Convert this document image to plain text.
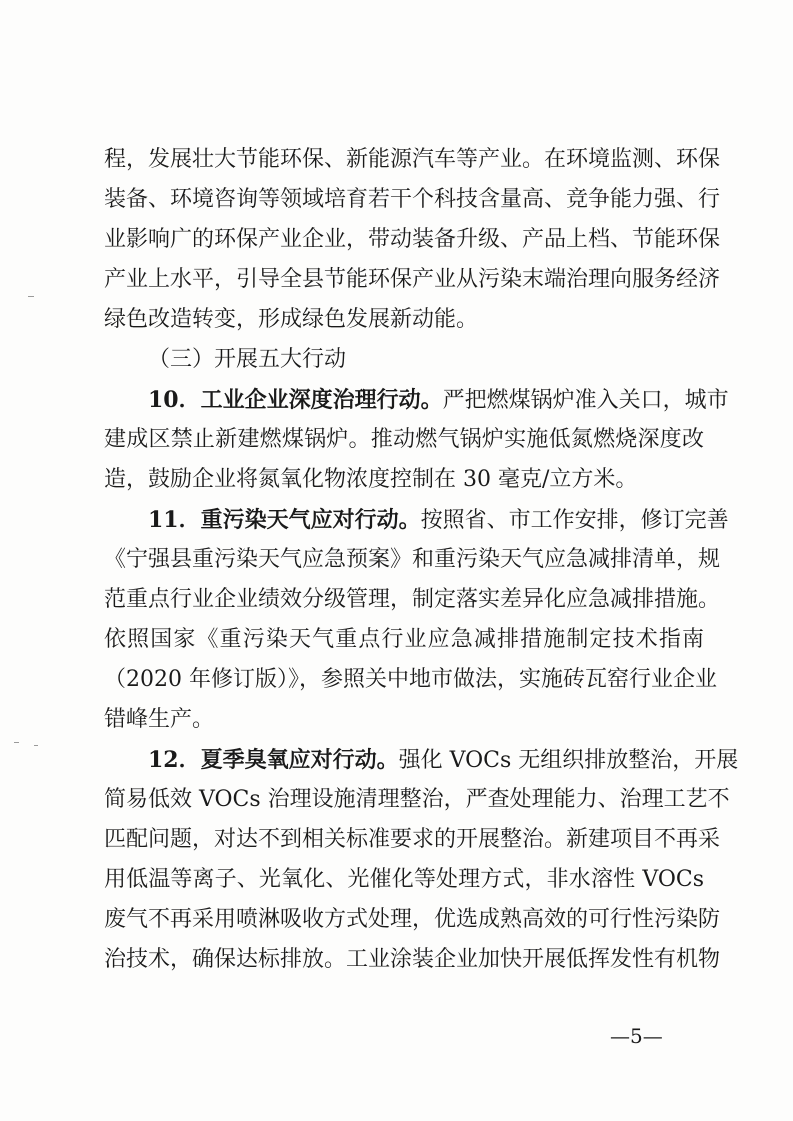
程，发展壮大节能环保、新能源汽车等产业。在环境监测、环保
装备、环境咨询等领域培育若干个科技含量高、竞争能力强、行
业影响广的环保产业企业，带动装备升级、产品上档、节能环保
产业上水平，引导全县节能环保产业从污染末端治理向服务经济
绿色改造转变，形成绿色发展新动能。
（三）开展五大行动
10．工业企业深度治理行动。严把燃煤锅炉准入关口，城市
建成区禁止新建燃煤锅炉。推动燃气锅炉实施低氮燃烧深度改
造，鼓励企业将氮氧化物浓度控制在 30 毫克/立方米。
11．重污染天气应对行动。按照省、市工作安排，修订完善
《宁强县重污染天气应急预案》和重污染天气应急减排清单，规
范重点行业企业绩效分级管理，制定落实差异化应急减排措施。
依照国家《重污染天气重点行业应急减排措施制定技术指南
（2020 年修订版）》，参照关中地市做法，实施砖瓦窑行业企业
错峰生产。
12．夏季臭氧应对行动。强化 VOCs 无组织排放整治，开展
简易低效 VOCs 治理设施清理整治，严查处理能力、治理工艺不
匹配问题，对达不到相关标准要求的开展整治。新建项目不再采
用低温等离子、光氧化、光催化等处理方式，非水溶性 VOCs
废气不再采用喷淋吸收方式处理，优选成熟高效的可行性污染防
治技术，确保达标排放。工业涂装企业加快开展低挥发性有机物
—5—
